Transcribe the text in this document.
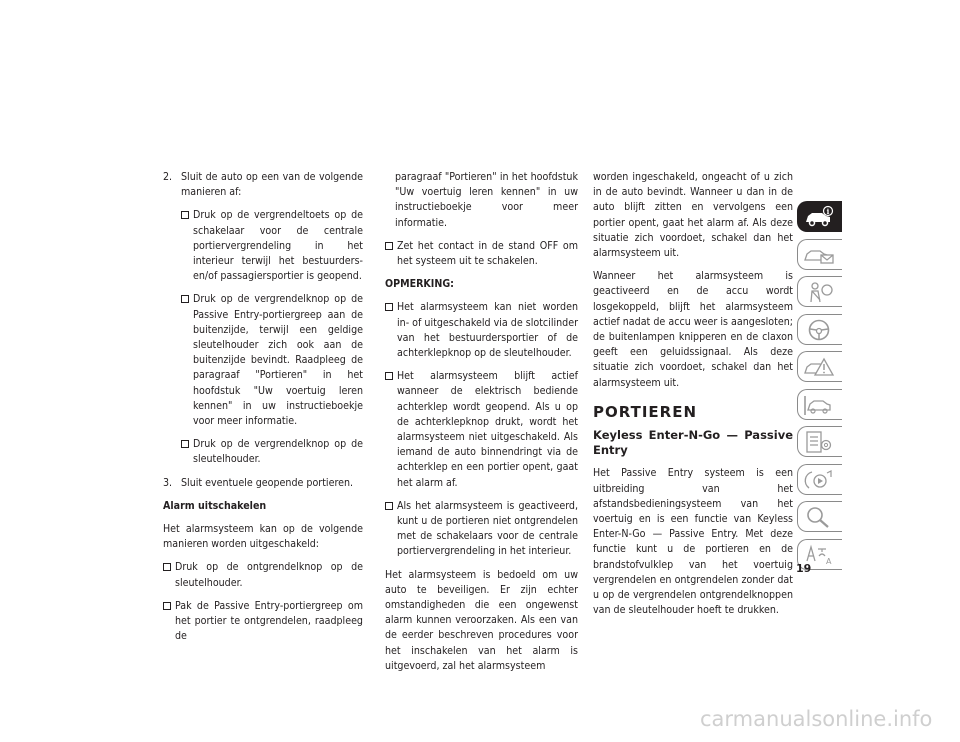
2. Sluit de auto op een van de volgende manieren af:
Druk op de vergrendeltoets op de schakelaar voor de centrale portiervergrendeling in het interieur terwijl het bestuurders- en/of passagiersportier is geopend.
Druk op de vergrendelknop op de Passive Entry-portiergreep aan de buitenzijde, terwijl een geldige sleutelhouder zich ook aan de buitenzijde bevindt. Raadpleeg de paragraaf "Portieren" in het hoofdstuk "Uw voertuig leren kennen" in uw instructieboekje voor meer informatie.
Druk op de vergrendelknop op de sleutelhouder.
3. Sluit eventuele geopende portieren.
Alarm uitschakelen

Het alarmsysteem kan op de volgende manieren worden uitgeschakeld:

Druk op de ontgrendelknop op de sleutelhouder.
Pak de Passive Entry-portiergreep om het portier te ontgrendelen, raadpleeg de

paragraaf "Portieren" in het hoofdstuk "Uw voertuig leren kennen" in uw instructieboekje voor meer informatie.

Zet het contact in de stand OFF om het systeem uit te schakelen.
OPMERKING:
Het alarmsysteem kan niet worden in- of uitgeschakeld via de slotcilinder van het bestuurdersportier of de achterklepknop op de sleutelhouder.
Het alarmsysteem blijft actief wanneer de elektrisch bediende achterklep wordt geopend. Als u op de achterklepknop drukt, wordt het alarmsysteem niet uitgeschakeld. Als iemand de auto binnendringt via de achterklep en een portier opent, gaat het alarm af.
Als het alarmsysteem is geactiveerd, kunt u de portieren niet ontgrendelen met de schakelaars voor de centrale portiervergrendeling in het interieur.

Het alarmsysteem is bedoeld om uw auto te beveiligen. Er zijn echter omstandigheden die een ongewenst alarm kunnen veroorzaken. Als een van de eerder beschreven procedures voor het inschakelen van het alarm is uitgevoerd, zal het alarmsysteem

worden ingeschakeld, ongeacht of u zich in de auto bevindt. Wanneer u dan in de auto blijft zitten en vervolgens een portier opent, gaat het alarm af. Als deze situatie zich voordoet, schakel dan het alarmsysteem uit.

Wanneer het alarmsysteem is geactiveerd en de accu wordt losgekoppeld, blijft het alarmsysteem actief nadat de accu weer is aangesloten; de buitenlampen knipperen en de claxon geeft een geluidssignaal. Als deze situatie zich voordoet, schakel dan het alarmsysteem uit.

PORTIEREN
Keyless Enter-N-Go — Passive Entry

Het Passive Entry systeem is een uitbreiding van het afstandsbedieningsysteem van het voertuig en is een functie van Keyless Enter-N-Go — Passive Entry. Met deze functie kunt u de portieren en de brandstofvulklep van het voertuig vergrendelen en ontgrendelen zonder dat u op de vergrendelen ontgrendelknoppen van de sleutelhouder hoeft te drukken.

i
A
19
carmanualsonline.info
